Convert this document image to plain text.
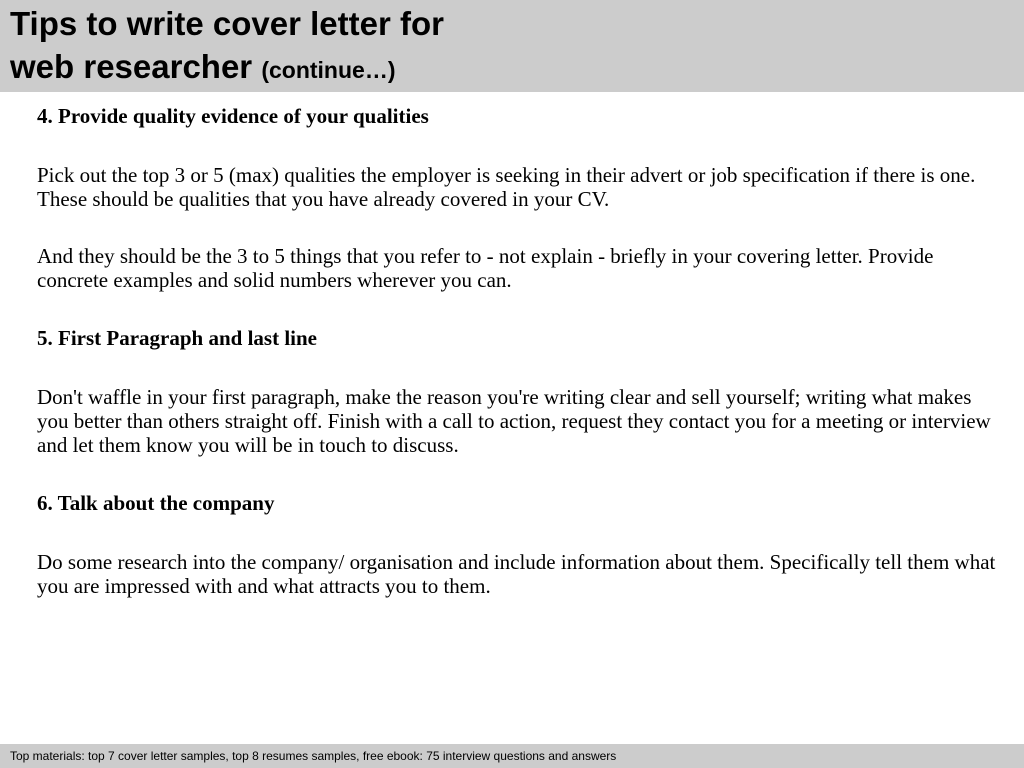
Tips to write cover letter for
web researcher (continue…)
4. Provide quality evidence of your qualities

Pick out the top 3 or 5 (max) qualities the employer is seeking in their advert or job specification if there is one. These should be qualities that you have already covered in your CV.

And they should be the 3 to 5 things that you refer to - not explain - briefly in your covering letter. Provide concrete examples and solid numbers wherever you can.

5. First Paragraph and last line

Don't waffle in your first paragraph, make the reason you're writing clear and sell yourself; writing what makes you better than others straight off. Finish with a call to action, request they contact you for a meeting or interview and let them know you will be in touch to discuss.

6. Talk about the company

Do some research into the company/ organisation and include information about them. Specifically tell them what you are impressed with and what attracts you to them.

Top materials: top 7 cover letter samples, top 8 resumes samples, free ebook: 75 interview questions and answers
